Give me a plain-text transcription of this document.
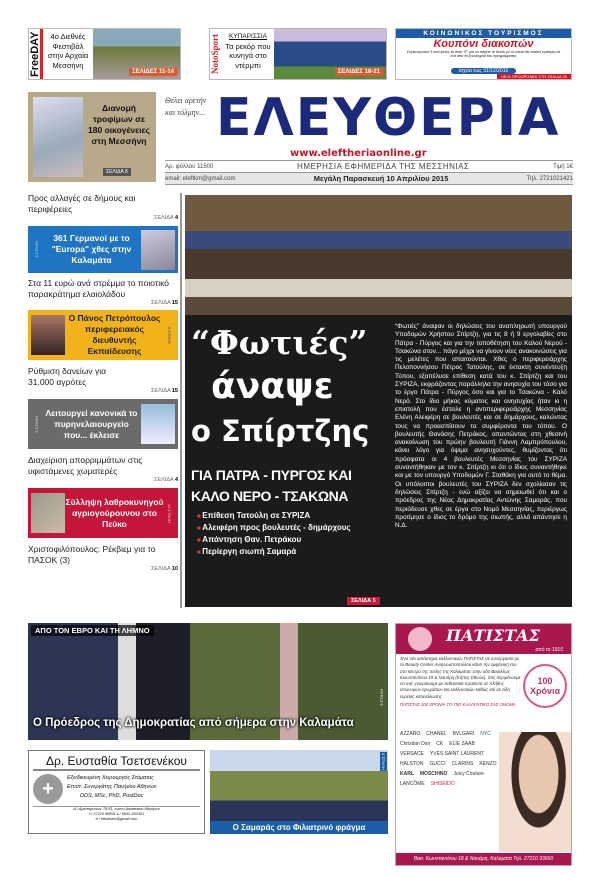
FreeDAY	4ο Διεθνές Φεστιβάλ στην Αρχαία Μεσσήνη
ΣΕΛΙΔΕΣ 11-14	NotoSport	ΚΥΠΑΡΙΣΣΙΑ
Τα ρεκόρ που κυνηγά στο ντέρμπι
ΣΕΛΙΔΕΣ 18-21
ΚΟΙΝΩΝΙΚΟΣ ΤΟΥΡΙΣΜΟΣ
Κουπόνι διακοπών
Συγκεντρώστε 3 από φέτος τα στην "Ε" για να πάρετε το δελτίο με το οποίο θα πάνετε κράτηση σε ένα από τα ξενοδοχεία του προγράμματος
Ισχύει έως 31/12/2015
ΝΕΟΙ ΠΡΟΟΡΙΣΜΟΙ ΣΤΗ ΣΕΛΙΔΑ 26
Διανομή τροφίμων σε 180 οικογένειες στη Μεσσήνη
ΣΕΛΙΔΑ 8
Θέλει αρετήν και τόλμην... ΕΛΕΥΘΕΡΙΑ
www.eleftheriaonline.gr
Αρ. φύλλου 11500	ΗΜΕΡΗΣΙΑ ΕΦΗΜΕΡΙΔΑ ΤΗΣ ΜΕΣΣΗΝΙΑΣ	Τιμή 1€
email: eleftkm@gmail.com	Μεγάλη Παρασκευή 10 Απριλίου 2015	Τηλ. 2721021421
Προς αλλαγές σε δήμους και περιφέρειες
ΣΕΛΙΔΑ 4
4 ΣΤΗΛΗ
361 Γερμανοί με το "Europa" χθες στην Καλαμάτα
Στα 11 ευρώ ανά στρέμμα το ποιοτικό παρακράτημα ελαιολάδου
ΣΕΛΙΔΑ 15
Ο Πάνος Πετρόπουλος περιφερειακός διευθυντής Εκπαίδευσης
6 ΣΤΗΛΗ
Ρύθμιση δανείων για 31.000 αγρότες
ΣΕΛΙΔΑ 15
6 ΣΤΗΛΗ
Λειτουργεί κανονικά το πυρηνελαιουργείο που... έκλεισε
Διαχείριση απορριμμάτων στις υφιστάμενες χωματερές
ΣΕΛΙΔΑ 4
Σύλληψη λαθροκυνηγού αγριογούρουνου στο Πεύκο
10 ΣΤΗΛΗ
Χριστοφιλόπουλος: Ρέκβιεμ για το ΠΑΣΟΚ (3)
ΣΕΛΙΔΑ 10
“Φωτιές”
άναψε
ο Σπίρτζης
ΓΙΑ ΠΑΤΡΑ - ΠΥΡΓΟΣ ΚΑΙ ΚΑΛΟ ΝΕΡΟ - ΤΣΑΚΩΝΑ
■ Επίθεση Τατούλη σε ΣΥΡΙΖΑ
■ Αλειφέρη προς βουλευτές - δημάρχους
■ Απάντηση Θαν. Πετράκου
■ Περίεργη σιωπή Σαμαρά
ΣΕΛΙΔΑ 5
“Φωτιές” άναψαν οι δηλώσεις του αναπληρωτή υπουργού Υποδομών Χρήστου Σπίρτζη, για τις 8 ή 9 εργολαβίες στο Πάτρα - Πύργος και για την τοποθέτηση του Καλού Νερού - Τσακώνα στον... πάγο μέχρι να γίνουν νέες ανακοινώσεις για τις μελέτες που απαιτούνται. Χθες ο περιφερειάρχης Πελοποννήσου Πέτρος Τατούλης, σε έκτακτη συνέντευξη Τύπου, εξαπέλυσε επίθεση κατά του κ. Σπίρτζη και του ΣΥΡΙΖΑ, εκφράζοντας παράλληλα την ανησυχία του τόσο για το έργο Πάτρα - Πύργος όσο και για το Τσακώνα - Καλό Νερό. Στο ίδιο μήκος κύματος και ανησυχίας ήταν κι η επιστολή που έστειλε η αντιπεριφερειάρχης Μεσσηνίας Ελένη Αλειφέρη σε βουλευτές και σε δημάρχους, καλώντας τους να προασπίσουν τα συμφέροντα του τόπου. Ο βουλευτής Θανάσης Πετράκος, απαντώντας στη χθεσινή ανακοίνωση του πρώην βουλευτή Γιάννη Λαμπρόπουλου, κάνει λόγο για όψιμα ανησυχούντες, θυμίζοντας ότι πρόσφατα οι 4 βουλευτές Μεσσηνίας του ΣΥΡΙΖΑ συναντήθηκαν με τον κ. Σπίρτζη κι ότι ο ίδιος συναντήθηκε και με τον υπουργό Υποδομών Γ. Σταθάκη για αυτό το θέμα. Οι υπόλοιποι βουλευτές του ΣΥΡΙΖΑ δεν σχολίασαν τις δηλώσεις Σπίρτζη - ενώ αξίζει να σημειωθεί ότι και ο πρόεδρος της Νέας Δημοκρατίας Αντώνης Σαμαράς, που περιόδευσε χθες σε έργα στο Νομό Μεσσηνίας, περιέργως προτίμησε ο ίδιος το δρόμο της σιωπής, αλλά απάντησε η Ν.Δ.
ΑΠΟ ΤΟΝ ΕΒΡΟ ΚΑΙ ΤΗ ΛΗΜΝΟ
Ο Πρόεδρος της Δημοκρατίας από σήμερα στην Καλαμάτα
3 ΣΤΗΛΗ
Δρ. Ευσταθία Τσετσενέκου
+	Εξειδικευμένη Χειρουργός Στόματος
Επιστ. Συνεργάτης Παν/μίου Αθηνών
DDS, MSc, PhD, PostDoc
Δ./ Αριστομένους 79-81, έναντι Δικαστικού Μεγάρου
τ./ 27210 98891 κ./ 6932-530301
e./ eftsetsen@gmail.com
Ο Σαμαράς στο Φιλιατρινό φράγμα
9 ΣΤΗΛΗ
ΠΑΤΙΣΤΑΣ
από το 1915
Ένα νέο κατάστημα καλλυντικών ΠΑΤΙΣΤΑΣ σε συνεργασία με το Beauty Center Αναγνωστοπούλου κάνει την εμφάνισή του στο κέντρο της πόλης της Καλαμάτας στην οδό Βασιλέως Κωνσταντίνου 18 & Ναυάρη (Κήπος Εθνών). Σας περιμένουμε να σας γνωρίσουμε με εκθεσιακά προϊόντα σε πλήθος επώνυμων αρωμάτων και καλλυντικών καθώς και σε είδη ευρείας κατανάλωσης.
100 Χρόνια
ΠΑΤΙΣΤΑΣ 100 ΧΡΟΝΙΑ ΤΟ ΠΙΟ ΚΑΛΛΥΝΤΙΚΟ ΣΑΣ ΟΝΟΜΑ
AZZARO CHANEL BVLGARI NYC
Christian Dior CK ELIE SAAB
VERSACE YVES SAINT LAURENT
HALSTON GUCCI CLARINS KENZO
KARL MOSCHINO Juicy Couture
LANCÔME SHISEIDO
Βασ. Κωνσταντίνου 18 & Ναυάρη, Καλαμάτα Τηλ. 27210 93660
